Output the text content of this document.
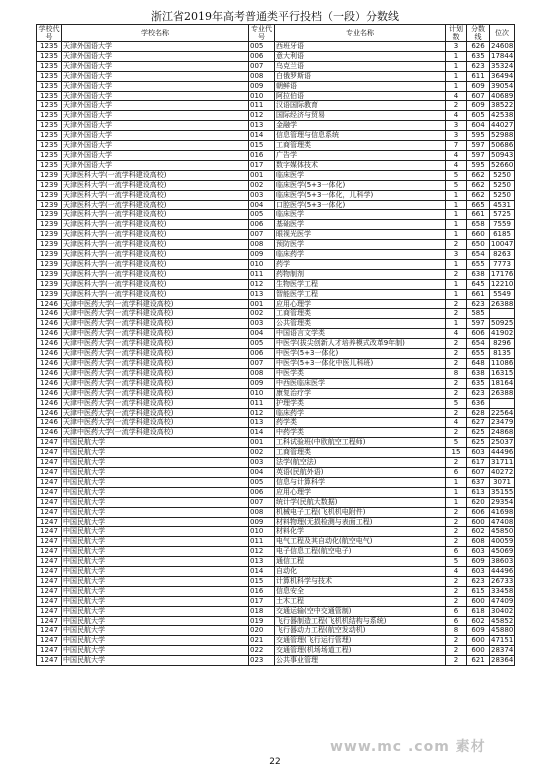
浙江省2019年高考普通类平行投档（一段）分数线
学校代号	学校名称	专业代号	专业名称	计划数	分数线	位次
1235	天津外国语大学	005	西班牙语	3	626	24608
1235	天津外国语大学	006	意大利语	1	635	17844
1235	天津外国语大学	007	乌克兰语	1	623	35324
1235	天津外国语大学	008	白俄罗斯语	1	611	36494
1235	天津外国语大学	009	朝鲜语	1	609	39054
1235	天津外国语大学	010	阿拉伯语	4	607	40689
1235	天津外国语大学	011	汉语国际教育	2	609	38522
1235	天津外国语大学	012	国际经济与贸易	4	605	42538
1235	天津外国语大学	013	金融学	3	604	44027
1235	天津外国语大学	014	信息管理与信息系统	3	595	52988
1235	天津外国语大学	015	工商管理类	7	597	50686
1235	天津外国语大学	016	广告学	4	597	50943
1235	天津外国语大学	017	数字媒体技术	4	595	52660
1239	天津医科大学(一流学科建设高校)	001	临床医学	5	662	5250
1239	天津医科大学(一流学科建设高校)	002	临床医学(5+3一体化)	5	662	5250
1239	天津医科大学(一流学科建设高校)	003	临床医学(5+3一体化，儿科学)	1	662	5250
1239	天津医科大学(一流学科建设高校)	004	口腔医学(5+3一体化)	1	665	4531
1239	天津医科大学(一流学科建设高校)	005	临床医学	1	661	5725
1239	天津医科大学(一流学科建设高校)	006	基础医学	1	658	7559
1239	天津医科大学(一流学科建设高校)	007	眼视光医学	1	660	6185
1239	天津医科大学(一流学科建设高校)	008	预防医学	2	650	10047
1239	天津医科大学(一流学科建设高校)	009	临床药学	3	654	8263
1239	天津医科大学(一流学科建设高校)	010	药学	1	655	7773
1239	天津医科大学(一流学科建设高校)	011	药物制剂	2	638	17176
1239	天津医科大学(一流学科建设高校)	012	生物医学工程	1	645	12210
1239	天津医科大学(一流学科建设高校)	013	智能医学工程	1	661	5549
1246	天津中医药大学(一流学科建设高校)	001	应用心理学	2	623	26388
1246	天津中医药大学(一流学科建设高校)	002	工商管理类	2	585	
1246	天津中医药大学(一流学科建设高校)	003	公共管理类	1	597	50925
1246	天津中医药大学(一流学科建设高校)	004	中国语言文学类	4	606	41902
1246	天津中医药大学(一流学科建设高校)	005	中医学(拔尖创新人才培养模式改革9年制)	2	654	8296
1246	天津中医药大学(一流学科建设高校)	006	中医学(5+3一体化)	2	655	8135
1246	天津中医药大学(一流学科建设高校)	007	中医学(5+3一体化中医儿科班)	2	648	11086
1246	天津中医药大学(一流学科建设高校)	008	中医学类	8	638	16315
1246	天津中医药大学(一流学科建设高校)	009	中西医临床医学	2	635	18164
1246	天津中医药大学(一流学科建设高校)	010	康复治疗学	2	623	26388
1246	天津中医药大学(一流学科建设高校)	011	护理学类	5	636	
1246	天津中医药大学(一流学科建设高校)	012	临床药学	2	628	22564
1246	天津中医药大学(一流学科建设高校)	013	药学类	4	627	23479
1246	天津中医药大学(一流学科建设高校)	014	中药学类	2	625	24868
1247	中国民航大学	001	工科试验班(中欧航空工程师)	5	625	25037
1247	中国民航大学	002	工商管理类	15	603	44496
1247	中国民航大学	003	法学(航空法)	2	617	31711
1247	中国民航大学	004	英语(民航外语)	6	607	40272
1247	中国民航大学	005	信息与计算科学	1	637	3071
1247	中国民航大学	006	应用心理学	1	613	35155
1247	中国民航大学	007	统计学(民航大数据)	1	620	29354
1247	中国民航大学	008	机械电子工程(飞机机电附件)	2	606	41698
1247	中国民航大学	009	材料物理(无损检测与表面工程)	2	600	47408
1247	中国民航大学	010	材料化学	2	602	45850
1247	中国民航大学	011	电气工程及其自动化(航空电气)	2	608	40059
1247	中国民航大学	012	电子信息工程(航空电子)	6	603	45069
1247	中国民航大学	013	通信工程	5	609	38603
1247	中国民航大学	014	自动化	4	603	44496
1247	中国民航大学	015	计算机科学与技术	2	623	26733
1247	中国民航大学	016	信息安全	2	615	33458
1247	中国民航大学	017	土木工程	2	600	47409
1247	中国民航大学	018	交通运输(空中交通管制)	6	618	30402
1247	中国民航大学	019	飞行器制造工程(飞机机结构与系统)	6	602	45852
1247	中国民航大学	020	飞行器动力工程(航空发动机)	8	609	45880
1247	中国民航大学	021	交通管理(飞行运行管理)	2	600	47151
1247	中国民航大学	022	交通管理(机场场道工程)	2	600	28374
1247	中国民航大学	023	公共事业管理	2	621	28364
www.mc .com 素材
22
